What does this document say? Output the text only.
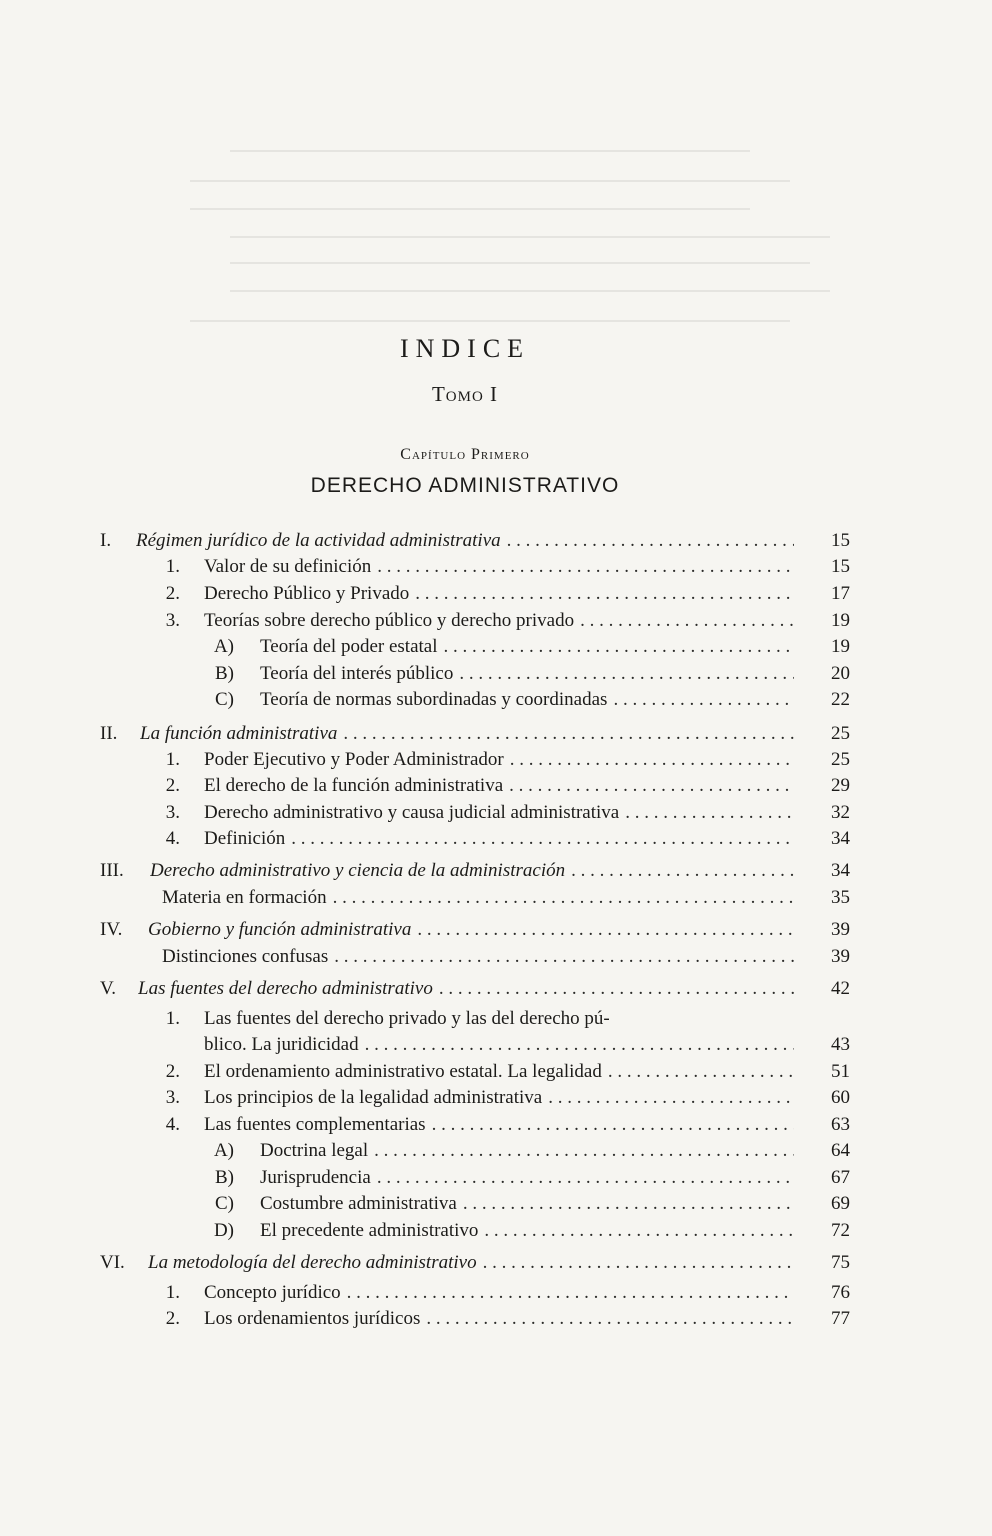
INDICE
Tomo I
Capítulo Primero
DERECHO ADMINISTRATIVO
I.	Régimen jurídico de la actividad administrativa . . .	15
1. Valor de su definición . . .	15
2. Derecho Público y Privado . . .	17
3. Teorías sobre derecho público y derecho privado . . .	19
A) Teoría del poder estatal . . .	19
B) Teoría del interés público . . .	20
C) Teoría de normas subordinadas y coordinadas . . .	22
II.	La función administrativa . . .	25
1. Poder Ejecutivo y Poder Administrador . . .	25
2. El derecho de la función administrativa . . .	29
3. Derecho administrativo y causa judicial administrativa . . .	32
4. Definición . . .	34
III.	Derecho administrativo y ciencia de la administración . . .	34
Materia en formación . . .	35
IV.	Gobierno y función administrativa . . .	39
Distinciones confusas . . .	39
V.	Las fuentes del derecho administrativo . . .	42
1. Las fuentes del derecho privado y las del derecho pú-
blico. La juridicidad . . .	43
2. El ordenamiento administrativo estatal. La legalidad . . .	51
3. Los principios de la legalidad administrativa . . .	60
4. Las fuentes complementarias . . .	63
A) Doctrina legal . . .	64
B) Jurisprudencia . . .	67
C) Costumbre administrativa . . .	69
D) El precedente administrativo . . .	72
VI.	La metodología del derecho administrativo . . .	75
1. Concepto jurídico . . .	76
2. Los ordenamientos jurídicos . . .	77
